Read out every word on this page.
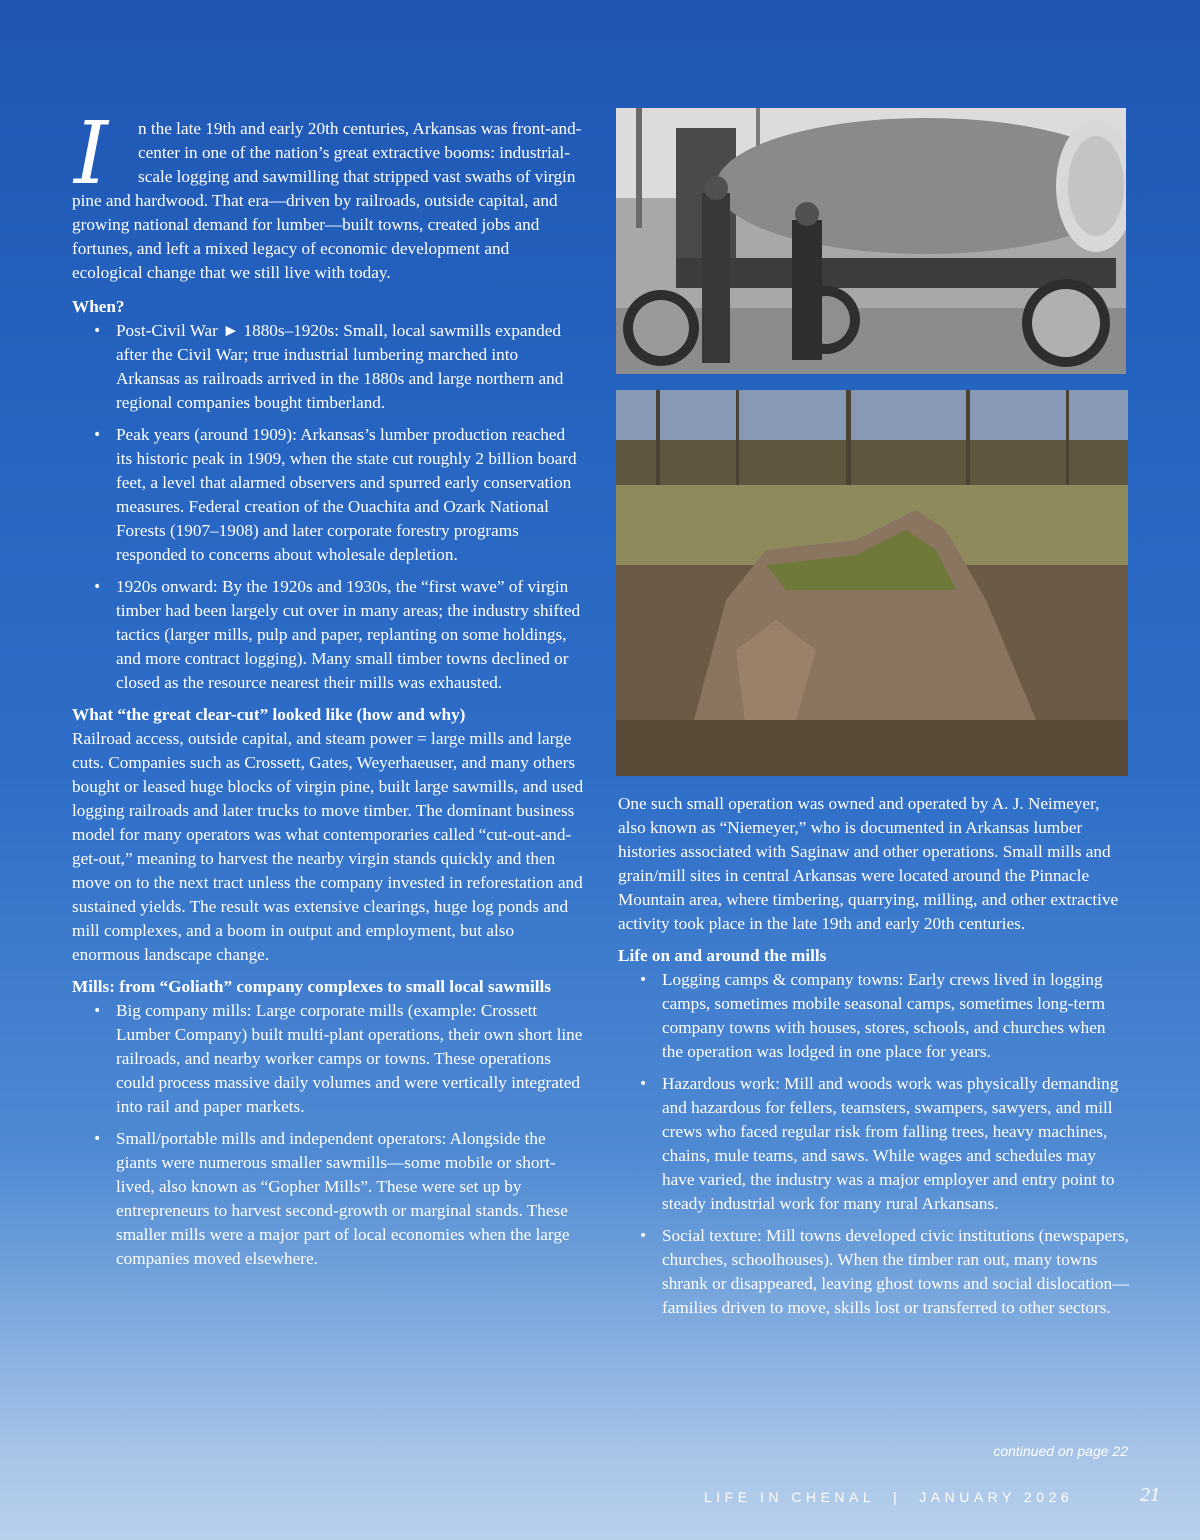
I	n the late 19th and early 20th centuries, Arkansas was front-and-center in one of the nation’s great extractive booms: industrial-scale logging and sawmilling that stripped vast swaths of virgin pine and hardwood. That era—driven by railroads, outside capital, and growing national demand for lumber—built towns, created jobs and fortunes, and left a mixed legacy of economic development and ecological change that we still live with today.

When?

• Post-Civil War ► 1880s–1920s: Small, local sawmills expanded after the Civil War; true industrial lumbering marched into Arkansas as railroads arrived in the 1880s and large northern and regional companies bought timberland.
• Peak years (around 1909): Arkansas’s lumber production reached its historic peak in 1909, when the state cut roughly 2 billion board feet, a level that alarmed observers and spurred early conservation measures. Federal creation of the Ouachita and Ozark National Forests (1907–1908) and later corporate forestry programs responded to concerns about wholesale depletion.
• 1920s onward: By the 1920s and 1930s, the “first wave” of virgin timber had been largely cut over in many areas; the industry shifted tactics (larger mills, pulp and paper, replanting on some holdings, and more contract logging). Many small timber towns declined or closed as the resource nearest their mills was exhausted.

What “the great clear-cut” looked like (how and why)

Railroad access, outside capital, and steam power = large mills and large cuts. Companies such as Crossett, Gates, Weyerhaeuser, and many others bought or leased huge blocks of virgin pine, built large sawmills, and used logging railroads and later trucks to move timber. The dominant business model for many operators was what contemporaries called “cut-out-and-get-out,” meaning to harvest the nearby virgin stands quickly and then move on to the next tract unless the company invested in reforestation and sustained yields. The result was extensive clearings, huge log ponds and mill complexes, and a boom in output and employment, but also enormous landscape change.

Mills: from “Goliath” company complexes to small local sawmills

• Big company mills: Large corporate mills (example: Crossett Lumber Company) built multi-plant operations, their own short line railroads, and nearby worker camps or towns. These operations could process massive daily volumes and were vertically integrated into rail and paper markets.
• Small/portable mills and independent operators: Alongside the giants were numerous smaller sawmills—some mobile or short-lived, also known as “Gopher Mills”. These were set up by entrepreneurs to harvest second-growth or marginal stands. These smaller mills were a major part of local economies when the large companies moved elsewhere.

One such small operation was owned and operated by A. J. Neimeyer, also known as “Niemeyer,” who is documented in Arkansas lumber histories associated with Saginaw and other operations. Small mills and grain/mill sites in central Arkansas were located around the Pinnacle Mountain area, where timbering, quarrying, milling, and other extractive activity took place in the late 19th and early 20th centuries.

Life on and around the mills

• Logging camps & company towns: Early crews lived in logging camps, sometimes mobile seasonal camps, sometimes long-term company towns with houses, stores, schools, and churches when the operation was lodged in one place for years.
• Hazardous work: Mill and woods work was physically demanding and hazardous for fellers, teamsters, swampers, sawyers, and mill crews who faced regular risk from falling trees, heavy machines, chains, mule teams, and saws. While wages and schedules may have varied, the industry was a major employer and entry point to steady industrial work for many rural Arkansans.
• Social texture: Mill towns developed civic institutions (newspapers, churches, schoolhouses). When the timber ran out, many towns shrank or disappeared, leaving ghost towns and social dislocation—families driven to move, skills lost or transferred to other sectors.
continued on page 22
LIFE IN CHENAL | JANUARY 2026	21
